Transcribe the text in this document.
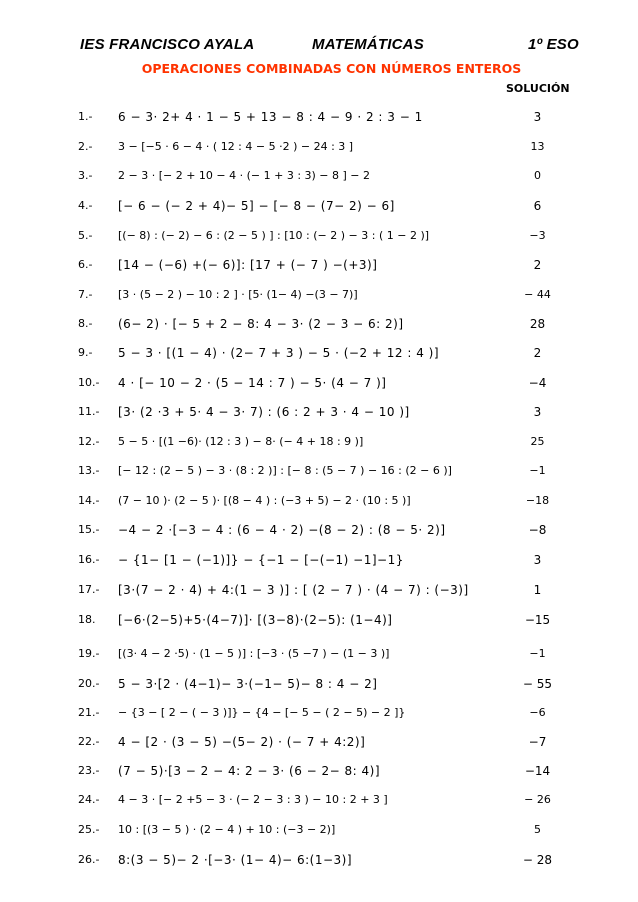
IES FRANCISCO AYALA	MATEMÁTICAS	1º ESO
OPERACIONES COMBINADAS CON NÚMEROS ENTEROS
SOLUCIÓN
1.-	6 − 3· 2+ 4 · 1 − 5 + 13 − 8 : 4 − 9 · 2 : 3 − 1	3
2.-	3 − [−5 · 6 − 4 · ( 12 : 4 − 5 ·2 ) − 24 : 3 ]	13
3.-	2 − 3 · [− 2 + 10 − 4 · (− 1 + 3 : 3) − 8 ] − 2	0
4.-	[− 6 − (− 2 + 4)− 5] − [− 8 − (7− 2) − 6]	6
5.-	[(− 8) : (− 2) − 6 : (2 − 5 ) ] : [10 : (− 2 ) − 3 : ( 1 − 2 )]	−3
6.-	[14 − (−6) +(− 6)]: [17 + (− 7 ) −(+3)]	2
7.-	[3 · (5 − 2 ) − 10 : 2 ] · [5· (1− 4) −(3 − 7)]	− 44
8.-	(6− 2) · [− 5 + 2 − 8: 4 − 3· (2 − 3 − 6: 2)]	28
9.-	5 − 3 · [(1 − 4) · (2− 7 + 3 ) − 5 · (−2 + 12 : 4 )]	2
10.-	4 · [− 10 − 2 · (5 − 14 : 7 ) − 5· (4 − 7 )]	−4
11.-	[3· (2 ·3 + 5· 4 − 3· 7) : (6 : 2 + 3 · 4 − 10 )]	3
12.-	5 − 5 · [(1 −6)· (12 : 3 ) − 8· (− 4 + 18 : 9 )]	25
13.-	[− 12 : (2 − 5 ) − 3 · (8 : 2 )] : [− 8 : (5 − 7 ) − 16 : (2 − 6 )]	−1
14.-	(7 − 10 )· (2 − 5 )· [(8 − 4 ) : (−3 + 5) − 2 · (10 : 5 )]	−18
15.-	−4 − 2 ·[−3 − 4 : (6 − 4 · 2) −(8 − 2) : (8 − 5· 2)]	−8
16.-	− {1− [1 − (−1)]} − {−1 − [−(−1) −1]−1}	3
17.-	[3·(7 − 2 · 4) + 4:(1 − 3 )] : [ (2 − 7 ) · (4 − 7) : (−3)]	1
18.	[−6·(2−5)+5·(4−7)]· [(3−8)·(2−5): (1−4)]	−15
19.-	[(3· 4 − 2 ·5) · (1 − 5 )] : [−3 · (5 −7 ) − (1 − 3 )]	−1
20.-	5 − 3·[2 · (4−1)− 3·(−1− 5)− 8 : 4 − 2]	− 55
21.-	− {3 − [ 2 − ( − 3 )]} − {4 − [− 5 − ( 2 − 5) − 2 ]}	−6
22.-	4 − [2 · (3 − 5) −(5− 2) · (− 7 + 4:2)]	−7
23.-	(7 − 5)·[3 − 2 − 4: 2 − 3· (6 − 2− 8: 4)]	−14
24.-	4 − 3 · [− 2 +5 − 3 · (− 2 − 3 : 3 ) − 10 : 2 + 3 ]	− 26
25.-	10 : [(3 − 5 ) · (2 − 4 ) + 10 : (−3 − 2)]	5
26.-	8:(3 − 5)− 2 ·[−3· (1− 4)− 6:(1−3)]	− 28
